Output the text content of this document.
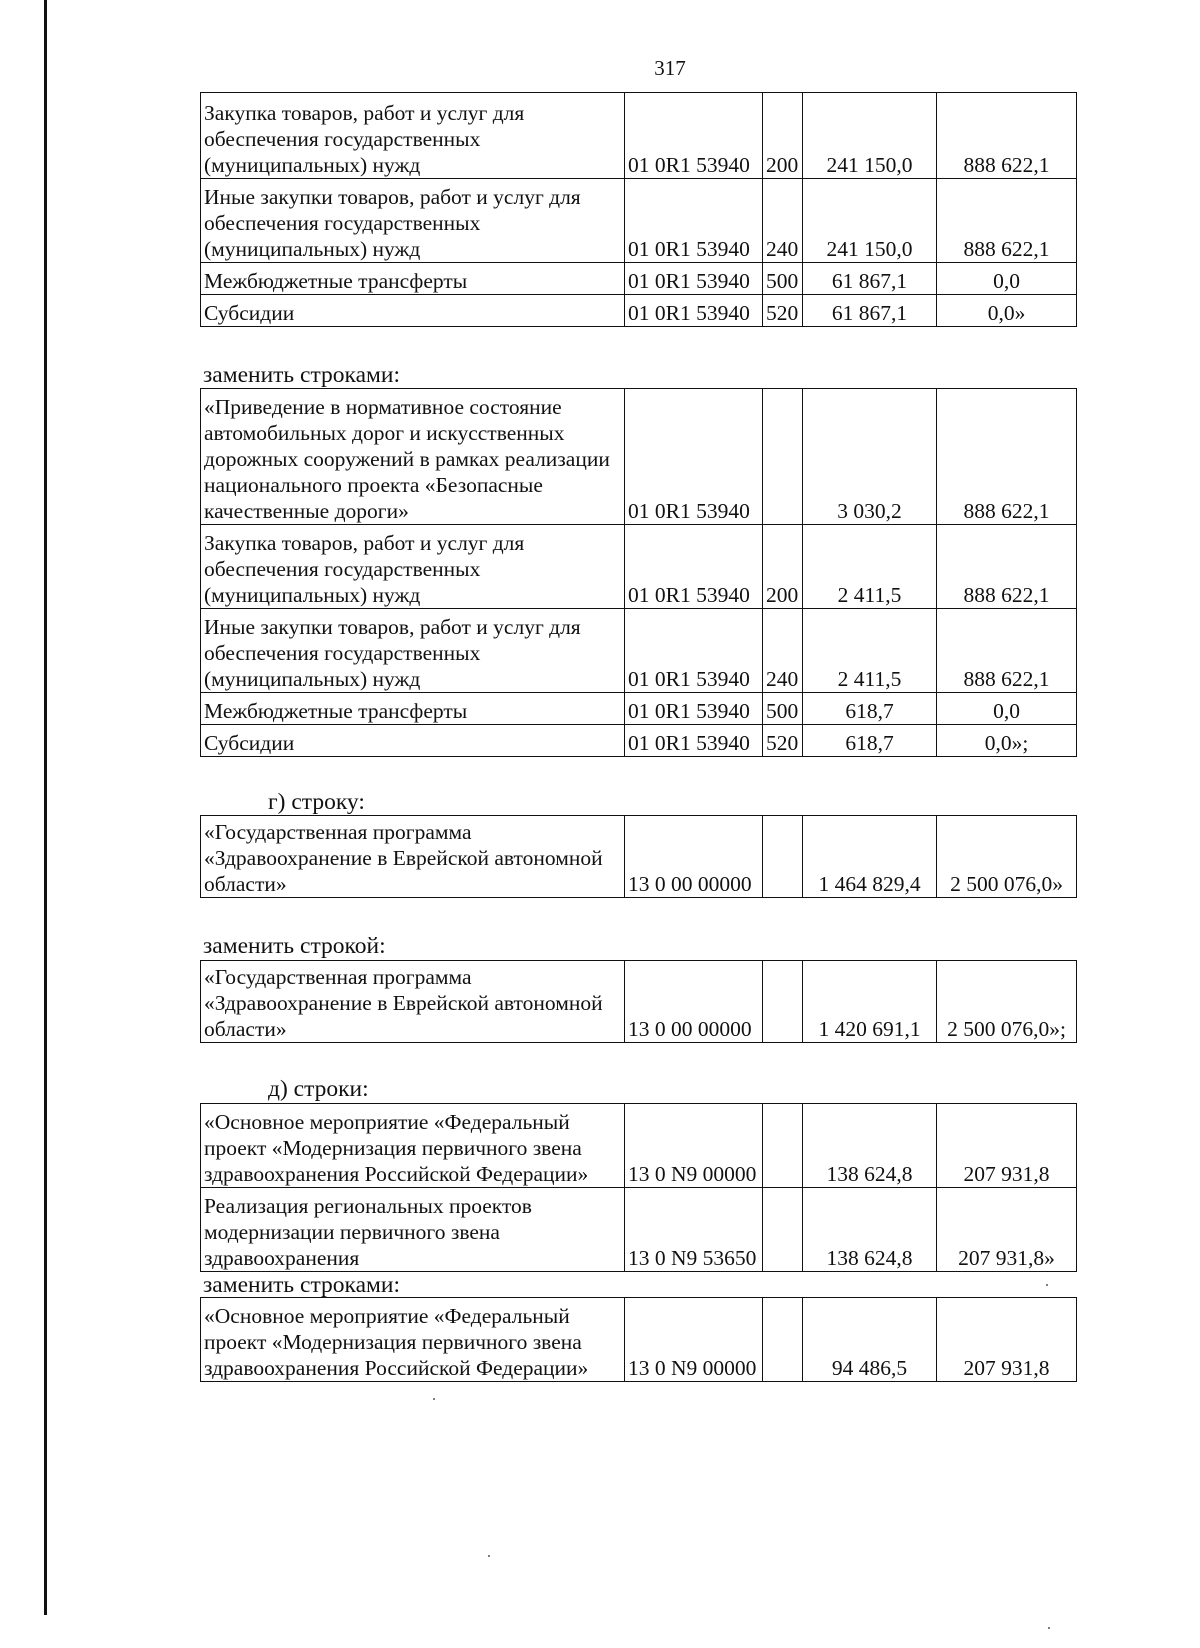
317
Закупка товаров, работ и услуг для обеспечения государственных (муниципальных) нужд	01 0R1 53940	200	241 150,0	888 622,1
Иные закупки товаров, работ и услуг для обеспечения государственных (муниципальных) нужд	01 0R1 53940	240	241 150,0	888 622,1
Межбюджетные трансферты	01 0R1 53940	500	61 867,1	0,0
Субсидии	01 0R1 53940	520	61 867,1	0,0»
заменить строками:
«Приведение в нормативное состояние автомобильных дорог и искусственных дорожных сооружений в рамках реализации национального проекта «Безопасные качественные дороги»	01 0R1 53940		3 030,2	888 622,1
Закупка товаров, работ и услуг для обеспечения государственных (муниципальных) нужд	01 0R1 53940	200	2 411,5	888 622,1
Иные закупки товаров, работ и услуг для обеспечения государственных (муниципальных) нужд	01 0R1 53940	240	2 411,5	888 622,1
Межбюджетные трансферты	01 0R1 53940	500	618,7	0,0
Субсидии	01 0R1 53940	520	618,7	0,0»;
г) строку:
«Государственная программа «Здравоохранение в Еврейской автономной области»	13 0 00 00000		1 464 829,4	2 500 076,0»
заменить строкой:
«Государственная программа «Здравоохранение в Еврейской автономной области»	13 0 00 00000		1 420 691,1	2 500 076,0»;
д) строки:
«Основное мероприятие «Федеральный проект «Модернизация первичного звена здравоохранения Российской Федерации»	13 0 N9 00000		138 624,8	207 931,8
Реализация региональных проектов модернизации первичного звена здравоохранения	13 0 N9 53650		138 624,8	207 931,8»
заменить строками:
«Основное мероприятие «Федеральный проект «Модернизация первичного звена здравоохранения Российской Федерации»	13 0 N9 00000		94 486,5	207 931,8
